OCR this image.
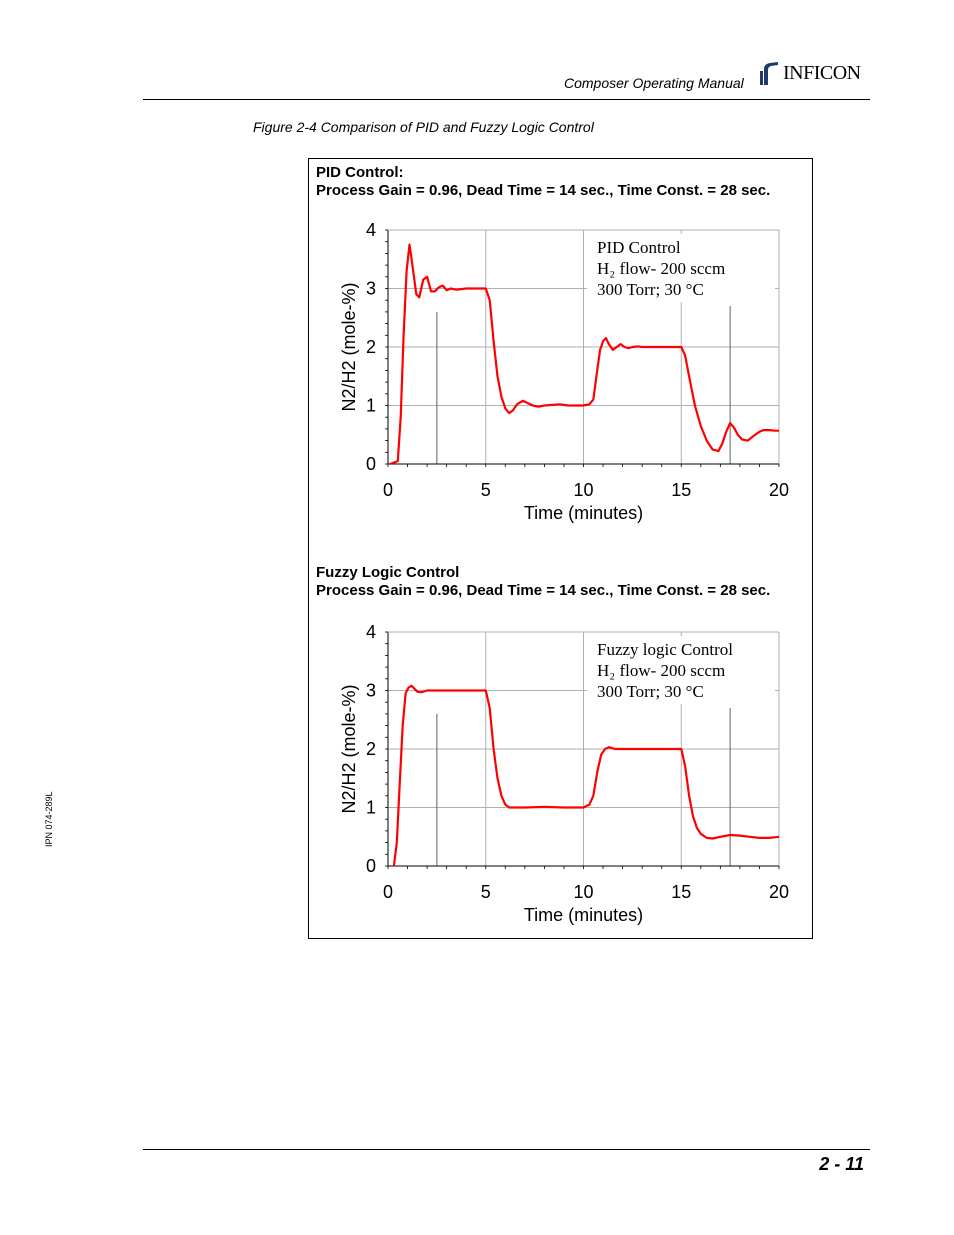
Composer Operating Manual INFICON
Figure 2-4 Comparison of PID and Fuzzy Logic Control
PID Control:
Process Gain = 0.96, Dead Time = 14 sec., Time Const. = 28 sec.
0
1
2
3
4
0	5	10	15	20
Time (minutes)
N2/H2 (mole-%)
PID Control
H₂ flow- 200 sccm
300 Torr; 30 °C
Fuzzy Logic Control
Process Gain = 0.96, Dead Time = 14 sec., Time Const. = 28 sec.
0
1
2
3
4
0	5	10	15	20
Time (minutes)
N2/H2 (mole-%)
Fuzzy logic Control
H₂ flow- 200 sccm
300 Torr; 30 °C
IPN 074-289L
2 - 11
